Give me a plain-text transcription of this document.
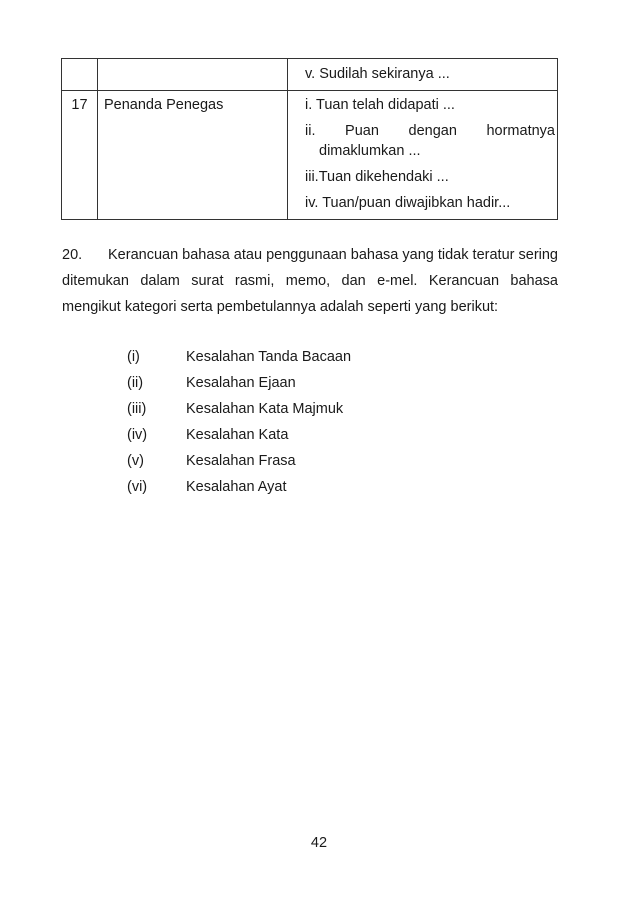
		v. Sudilah sekiranya ...

17	Penanda Penegas	i. Tuan telah didapati ...
ii. Puan dengan hormatnya
dimaklumkan ...
iii.Tuan dikehendaki ...
iv. Tuan/puan diwajibkan hadir...

20. Kerancuan bahasa atau penggunaan bahasa yang tidak teratur sering ditemukan dalam surat rasmi, memo, dan e-mel. Kerancuan bahasa mengikut kategori serta pembetulannya adalah seperti yang berikut:

(i)	Kesalahan Tanda Bacaan
(ii)	Kesalahan Ejaan
(iii)	Kesalahan Kata Majmuk
(iv)	Kesalahan Kata
(v)	Kesalahan Frasa
(vi)	Kesalahan Ayat
42
